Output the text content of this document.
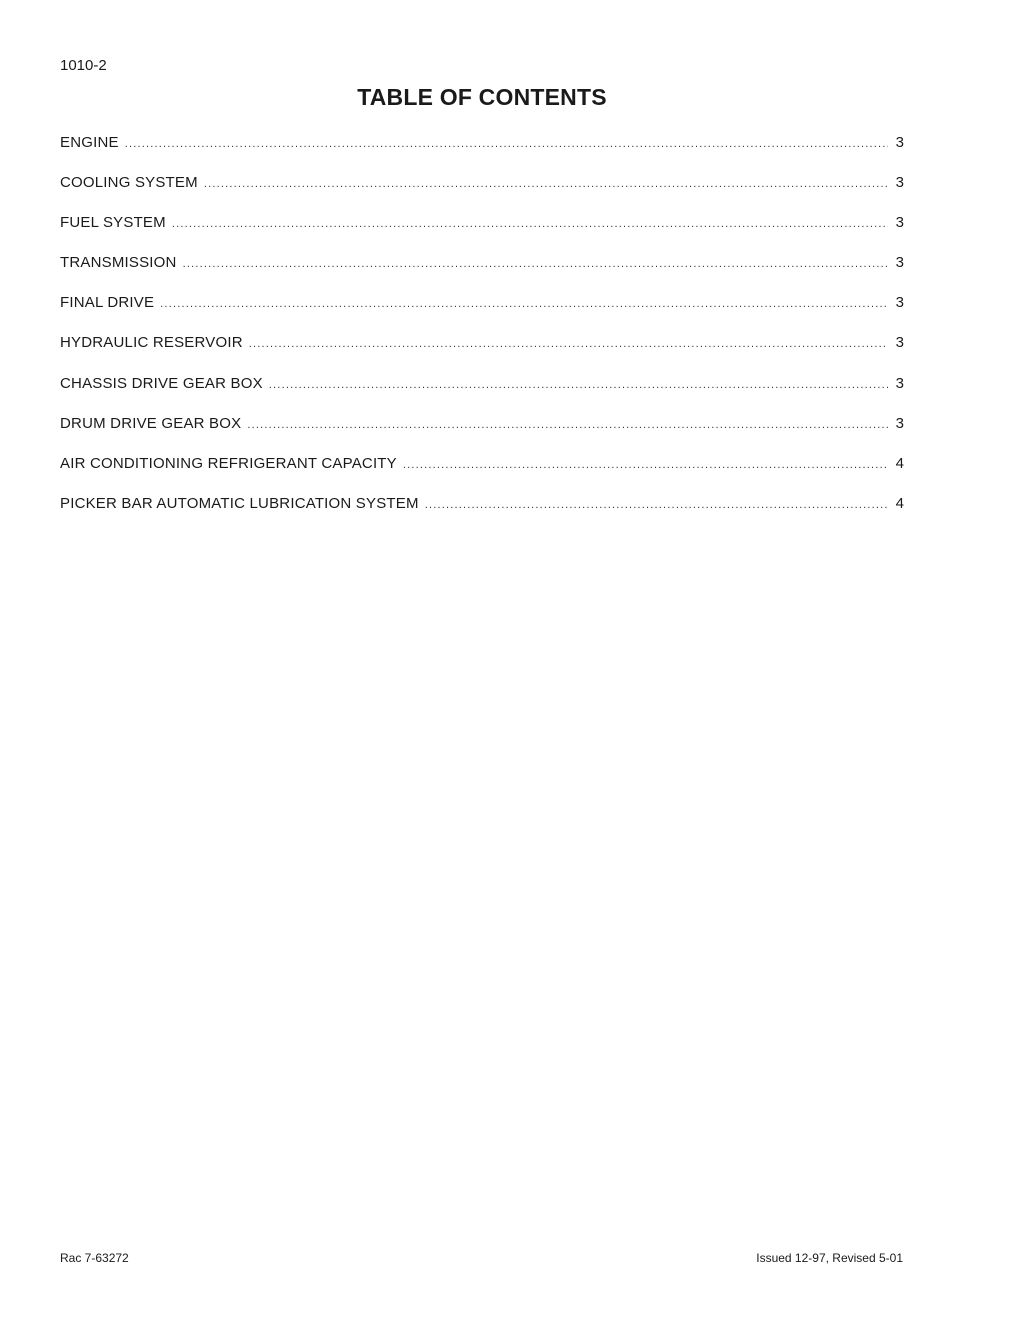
1010-2
TABLE OF CONTENTS
ENGINE .....	3
COOLING SYSTEM .....	3
FUEL SYSTEM .....	3
TRANSMISSION .....	3
FINAL DRIVE .....	3
HYDRAULIC RESERVOIR .....	3
CHASSIS DRIVE GEAR BOX .....	3
DRUM DRIVE GEAR BOX .....	3
AIR CONDITIONING REFRIGERANT CAPACITY .....	4
PICKER BAR AUTOMATIC LUBRICATION SYSTEM .....	4
Rac 7-63272	Issued 12-97, Revised 5-01
